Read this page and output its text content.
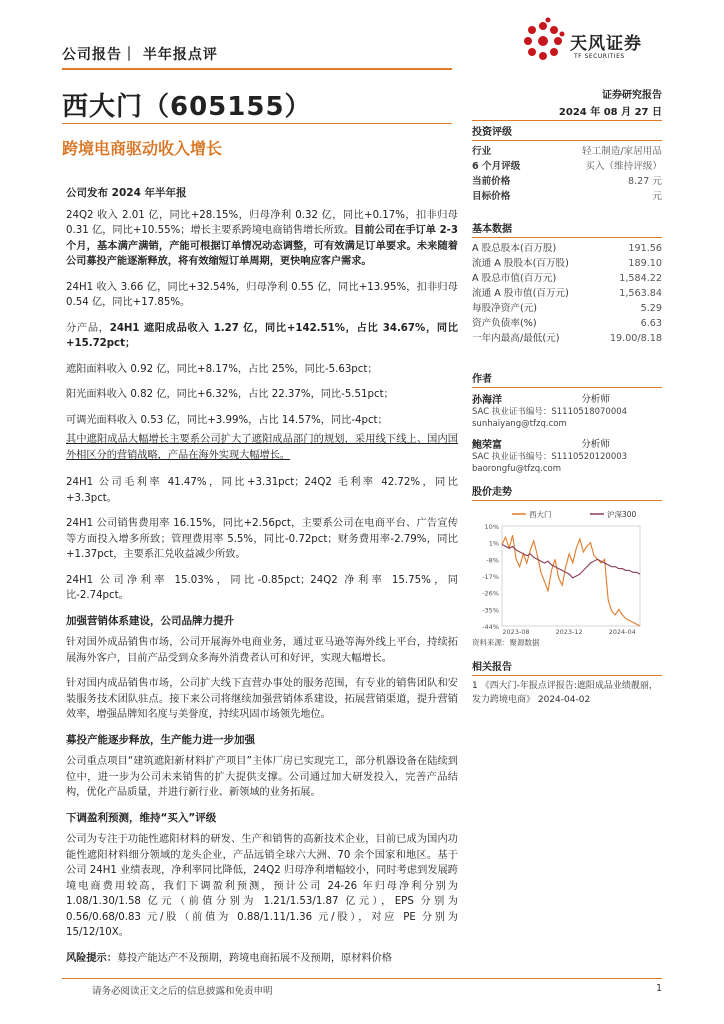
公司报告｜ 半年报点评
天风证券
TF SECURITIES
西大门（605155）
跨境电商驱动收入增长
证券研究报告
2024 年 08 月 27 日

公司发布 2024 年半年报

24Q2 收入 2.01 亿，同比+28.15%，归母净利 0.32 亿，同比+0.17%，扣非归母 0.31 亿，同比+10.55%；增长主要系跨境电商销售增长所致。目前公司在手订单 2-3 个月，基本满产满销，产能可根据订单情况动态调整，可有效满足订单要求。未来随着公司募投产能逐渐释放，将有效缩短订单周期，更快响应客户需求。

24H1 收入 3.66 亿，同比+32.54%，归母净利 0.55 亿，同比+13.95%，扣非归母 0.54 亿，同比+17.85%。

分产品，24H1 遮阳成品收入 1.27 亿，同比+142.51%，占比 34.67%，同比+15.72pct；

遮阳面料收入 0.92 亿，同比+8.17%，占比 25%，同比-5.63pct；

阳光面料收入 0.82 亿，同比+6.32%，占比 22.37%，同比-5.51pct；

可调光面料收入 0.53 亿，同比+3.99%，占比 14.57%，同比-4pct；

其中遮阳成品大幅增长主要系公司扩大了遮阳成品部门的规划，采用线下线上、国内国外相区分的营销战略，产品在海外实现大幅增长。

24H1 公司毛利率 41.47%，同比+3.31pct；24Q2 毛利率 42.72%，同比+3.3pct。

24H1 公司销售费用率 16.15%，同比+2.56pct，主要系公司在电商平台、广告宣传等方面投入增多所致；管理费用率 5.5%，同比-0.72pct；财务费用率-2.79%，同比+1.37pct，主要系汇兑收益减少所致。

24H1 公司净利率 15.03%，同比-0.85pct；24Q2 净利率 15.75%，同比-2.74pct。

加强营销体系建设，公司品牌力提升

针对国外成品销售市场，公司开展海外电商业务，通过亚马逊等海外线上平台，持续拓展海外客户，目前产品受到众多海外消费者认可和好评，实现大幅增长。

针对国内成品销售市场，公司扩大线下直营办事处的服务范围，有专业的销售团队和安装服务技术团队驻点。接下来公司将继续加强营销体系建设，拓展营销渠道，提升营销效率，增强品牌知名度与美誉度，持续巩固市场领先地位。

募投产能逐步释放，生产能力进一步加强

公司重点项目“建筑遮阳新材料扩产项目”主体厂房已实现完工，部分机器设备在陆续到位中，进一步为公司未来销售的扩大提供支撑。公司通过加大研发投入，完善产品结构，优化产品质量，并进行新行业、新领域的业务拓展。

下调盈利预测，维持“买入”评级

公司为专注于功能性遮阳材料的研发、生产和销售的高新技术企业，目前已成为国内功能性遮阳材料细分领域的龙头企业，产品远销全球六大洲、70 余个国家和地区。基于公司 24H1 业绩表现，净利率同比降低，24Q2 归母净利增幅较小，同时考虑到发展跨境电商费用较高，我们下调盈利预测，预计公司 24-26 年归母净利分别为 1.08/1.30/1.58 亿元（前值分别为 1.21/1.53/1.87 亿元），EPS 分别为 0.56/0.68/0.83 元/股（前值为 0.88/1.11/1.36 元/股），对应 PE 分别为 15/12/10X。

风险提示：募投产能达产不及预期，跨境电商拓展不及预期，原材料价格

投资评级
行业	轻工制造/家居用品
6 个月评级	买入（维持评级）
当前价格	8.27 元
目标价格	元
基本数据
A 股总股本(百万股)	191.56
流通 A 股股本(百万股)	189.10
A 股总市值(百万元)	1,584.22
流通 A 股市值(百万元)	1,563.84
每股净资产(元)	5.29
资产负债率(%)	6.63
一年内最高/最低(元)	19.00/8.18
作者
孙海洋	分析师
SAC 执业证书编号：S1110518070004
sunhaiyang@tfzq.com
鲍荣富	分析师
SAC 执业证书编号：S1110520120003
baorongfu@tfzq.com
股价走势
10%
1%
-8%
-17%
-26%
-35%
-44%
2023-08	2023-12	2024-04
西大门	沪深300
资料来源：聚源数据
相关报告
1 《西大门-年报点评报告:遮阳成品业绩靓丽，发力跨境电商》 2024-04-02
请务必阅读正文之后的信息披露和免责申明	1
